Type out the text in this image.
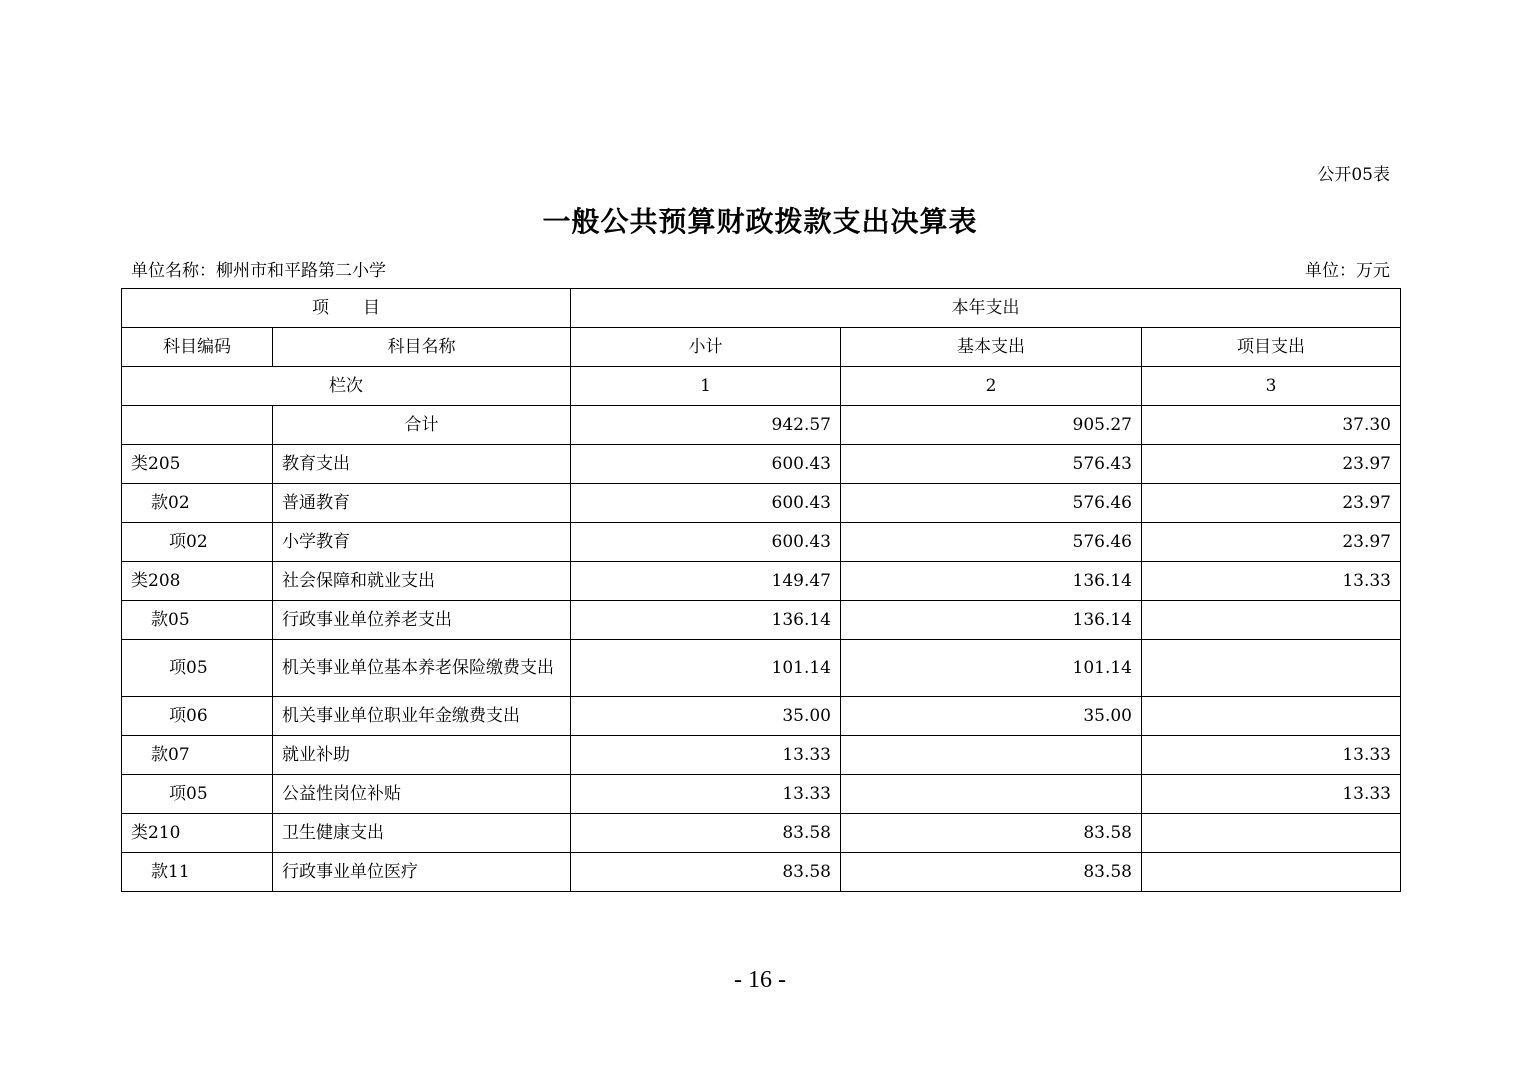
公开05表
一般公共预算财政拨款支出决算表
单位名称：柳州市和平路第二小学	单位：万元
项　　目		本年支出		
科目编码	科目名称	小计	基本支出	项目支出
栏次		1	2	3
	合计	942.57	905.27	37.30
类205	教育支出	600.43	576.43	23.97
款02	普通教育	600.43	576.46	23.97
项02	小学教育	600.43	576.46	23.97
类208	社会保障和就业支出	149.47	136.14	13.33
款05	行政事业单位养老支出	136.14	136.14	
项05	机关事业单位基本养老保险缴费支出	101.14	101.14	
项06	机关事业单位职业年金缴费支出	35.00	35.00	
款07	就业补助	13.33		13.33
项05	公益性岗位补贴	13.33		13.33
类210	卫生健康支出	83.58	83.58	
款11	行政事业单位医疗	83.58	83.58	
- 16 -
